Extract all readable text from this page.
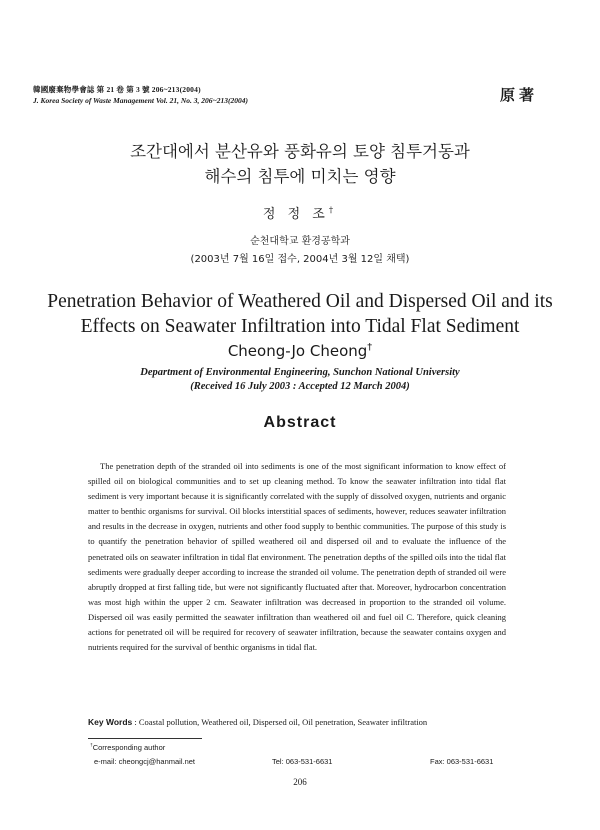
韓國廢棄物學會誌 第 21 卷 第 3 號 206~213(2004)
J. Korea Society of Waste Management Vol. 21, No. 3, 206~213(2004)	原著
조간대에서 분산유와 풍화유의 토양 침투거동과
해수의 침투에 미치는 영향
정 정 조†
순천대학교 환경공학과
(2003년 7월 16일 접수, 2004년 3월 12일 채택)
Penetration Behavior of Weathered Oil and Dispersed Oil and its
Effects on Seawater Infiltration into Tidal Flat Sediment
Cheong-Jo Cheong†
Department of Environmental Engineering, Sunchon National University
(Received 16 July 2003 : Accepted 12 March 2004)
Abstract
The penetration depth of the stranded oil into sediments is one of the most significant information to know effect of spilled oil on biological communities and to set up cleaning method. To know the seawater infiltration into tidal flat sediment is very important because it is significantly correlated with the supply of dissolved oxygen, nutrients and organic matter to benthic organisms for survival. Oil blocks interstitial spaces of sediments, however, reduces seawater infiltration and results in the decrease in oxygen, nutrients and other food supply to benthic communities. The purpose of this study is to quantify the penetration behavior of spilled weathered oil and dispersed oil and to evaluate the influence of the penetrated oils on seawater infiltration in tidal flat environment. The penetration depths of the spilled oils into the tidal flat sediments were gradually deeper according to increase the stranded oil volume. The penetration depth of stranded oil were abruptly dropped at first falling tide, but were not significantly fluctuated after that. Moreover, hydrocarbon concentration was most high within the upper 2 cm. Seawater infiltration was decreased in proportion to the stranded oil volume. Dispersed oil was easily permitted the seawater infiltration than weathered oil and fuel oil C. Therefore, quick cleaning actions for penetrated oil will be required for recovery of seawater infiltration, because the seawater contains oxygen and nutrients required for the survival of benthic organisms in tidal flat.
Key Words : Coastal pollution, Weathered oil, Dispersed oil, Oil penetration, Seawater infiltration
†Corresponding author
e-mail: cheongcj@hanmail.net	Tel: 063-531-6631	Fax: 063-531-6631
206
